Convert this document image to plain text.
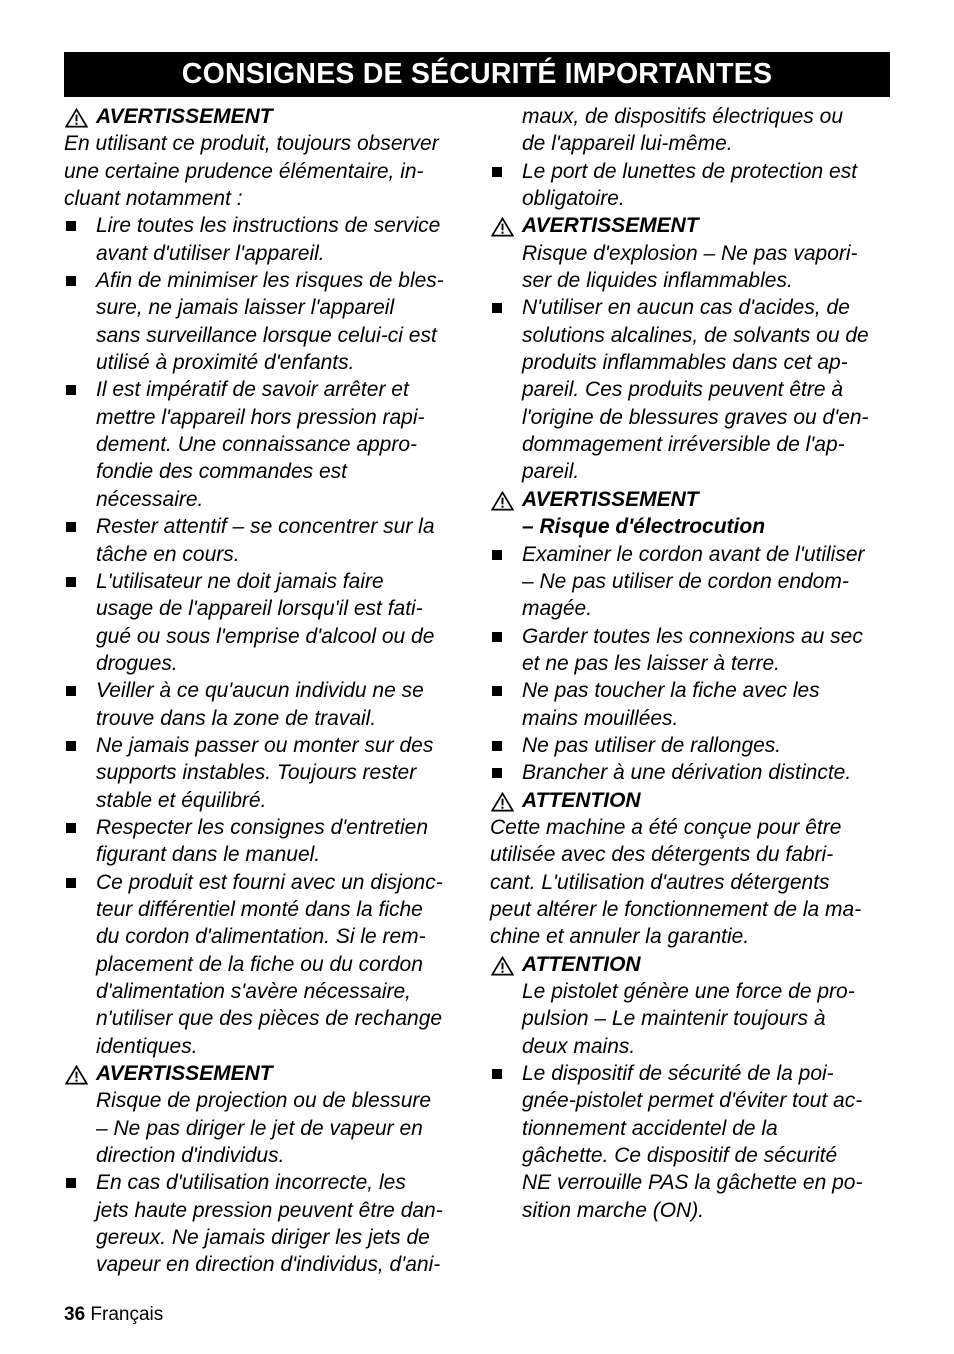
CONSIGNES DE SÉCURITÉ IMPORTANTES
AVERTISSEMENT
En utilisant ce produit, toujours observer
une certaine prudence élémentaire, in-
cluant notamment :
Lire toutes les instructions de service
avant d'utiliser l'appareil.
Afin de minimiser les risques de bles-
sure, ne jamais laisser l'appareil
sans surveillance lorsque celui-ci est
utilisé à proximité d'enfants.
Il est impératif de savoir arrêter et
mettre l'appareil hors pression rapi-
dement. Une connaissance appro-
fondie des commandes est
nécessaire.
Rester attentif – se concentrer sur la
tâche en cours.
L'utilisateur ne doit jamais faire
usage de l'appareil lorsqu'il est fati-
gué ou sous l'emprise d'alcool ou de
drogues.
Veiller à ce qu'aucun individu ne se
trouve dans la zone de travail.
Ne jamais passer ou monter sur des
supports instables. Toujours rester
stable et équilibré.
Respecter les consignes d'entretien
figurant dans le manuel.
Ce produit est fourni avec un disjonc-
teur différentiel monté dans la fiche
du cordon d'alimentation. Si le rem-
placement de la fiche ou du cordon
d'alimentation s'avère nécessaire,
n'utiliser que des pièces de rechange
identiques.
AVERTISSEMENT
Risque de projection ou de blessure
– Ne pas diriger le jet de vapeur en
direction d'individus.
En cas d'utilisation incorrecte, les
jets haute pression peuvent être dan-
gereux. Ne jamais diriger les jets de
vapeur en direction d'individus, d'ani-
maux, de dispositifs électriques ou
de l'appareil lui-même.
Le port de lunettes de protection est
obligatoire.
AVERTISSEMENT
Risque d'explosion – Ne pas vapori-
ser de liquides inflammables.
N'utiliser en aucun cas d'acides, de
solutions alcalines, de solvants ou de
produits inflammables dans cet ap-
pareil. Ces produits peuvent être à
l'origine de blessures graves ou d'en-
dommagement irréversible de l'ap-
pareil.
AVERTISSEMENT
– Risque d'électrocution
Examiner le cordon avant de l'utiliser
– Ne pas utiliser de cordon endom-
magée.
Garder toutes les connexions au sec
et ne pas les laisser à terre.
Ne pas toucher la fiche avec les
mains mouillées.
Ne pas utiliser de rallonges.
Brancher à une dérivation distincte.
ATTENTION
Cette machine a été conçue pour être
utilisée avec des détergents du fabri-
cant. L'utilisation d'autres détergents
peut altérer le fonctionnement de la ma-
chine et annuler la garantie.
ATTENTION
Le pistolet génère une force de pro-
pulsion – Le maintenir toujours à
deux mains.
Le dispositif de sécurité de la poi-
gnée-pistolet permet d'éviter tout ac-
tionnement accidentel de la
gâchette. Ce dispositif de sécurité
NE verrouille PAS la gâchette en po-
sition marche (ON).
36 Français
